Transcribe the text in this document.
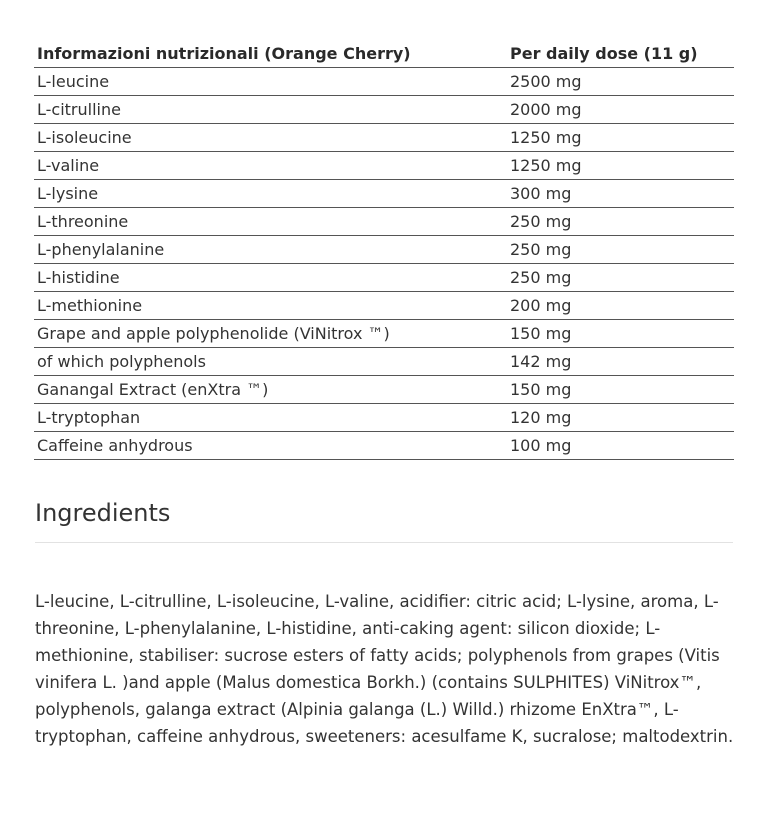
Informazioni nutrizionali (Orange Cherry)	Per daily dose (11 g)
L-leucine	2500 mg
L-citrulline	2000 mg
L-isoleucine	1250 mg
L-valine	1250 mg
L-lysine	300 mg
L-threonine	250 mg
L-phenylalanine	250 mg
L-histidine	250 mg
L-methionine	200 mg
Grape and apple polyphenolide (ViNitrox ™)	150 mg
of which polyphenols	142 mg
Ganangal Extract (enXtra ™)	150 mg
L-tryptophan	120 mg
Caffeine anhydrous	100 mg
Ingredients

L-leucine, L-citrulline, L-isoleucine, L-valine, acidifier: citric acid; L-lysine, aroma, L-threonine, L-phenylalanine, L-histidine, anti-caking agent: silicon dioxide; L-methionine, stabiliser: sucrose esters of fatty acids; polyphenols from grapes (Vitis vinifera L. )and apple (Malus domestica Borkh.) (contains SULPHITES) ViNitrox™, polyphenols, galanga extract (Alpinia galanga (L.) Willd.) rhizome EnXtra™, L-tryptophan, caffeine anhydrous, sweeteners: acesulfame K, sucralose; maltodextrin.
